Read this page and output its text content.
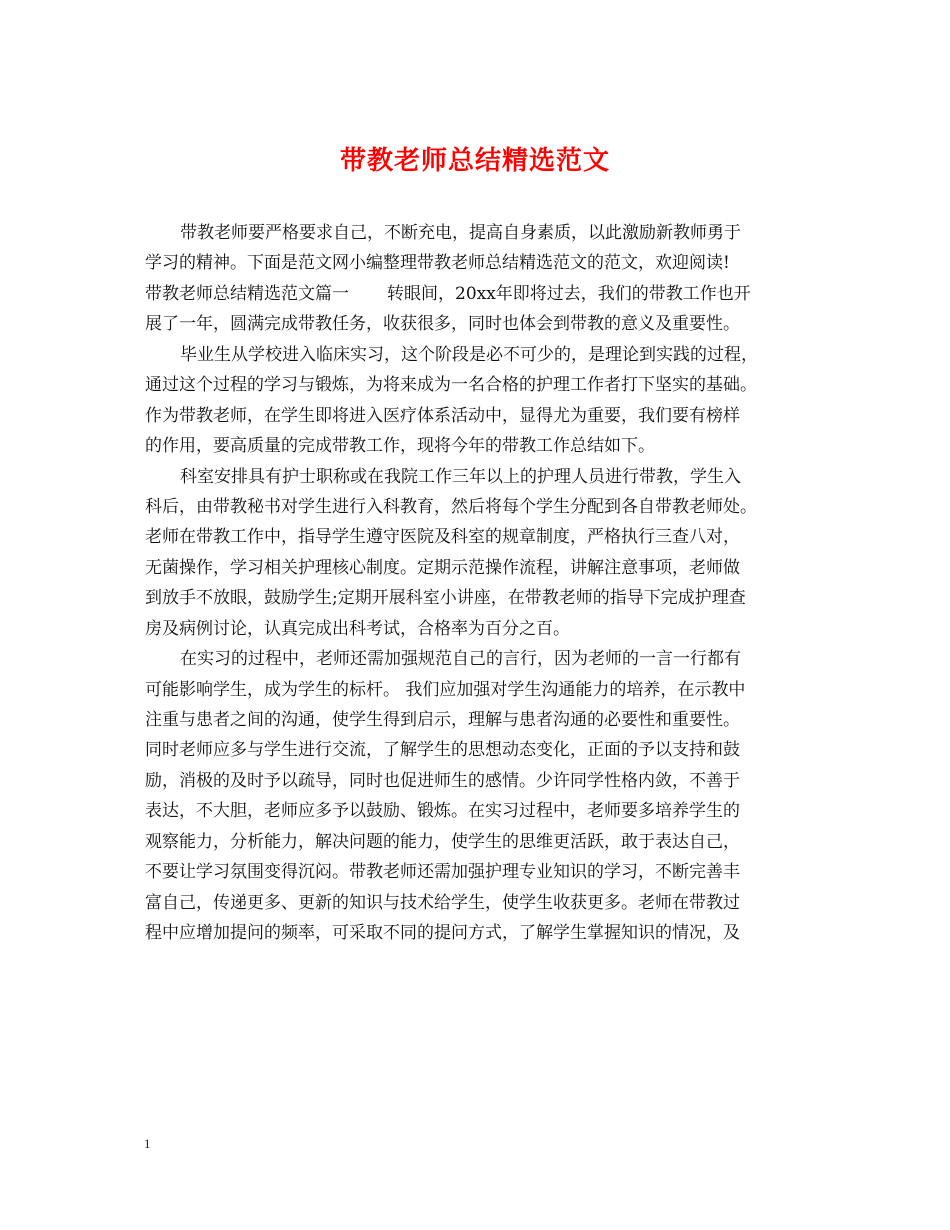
带教老师总结精选范文
带教老师要严格要求自己，不断充电，提高自身素质，以此激励新教师勇于
学习的精神。下面是范文网小编整理带教老师总结精选范文的范文，欢迎阅读!
带教老师总结精选范文篇一 转眼间，20xx年即将过去，我们的带教工作也开
展了一年，圆满完成带教任务，收获很多，同时也体会到带教的意义及重要性。
毕业生从学校进入临床实习，这个阶段是必不可少的，是理论到实践的过程，
通过这个过程的学习与锻炼，为将来成为一名合格的护理工作者打下坚实的基础。
作为带教老师，在学生即将进入医疗体系活动中，显得尤为重要，我们要有榜样
的作用，要高质量的完成带教工作，现将今年的带教工作总结如下。
科室安排具有护士职称或在我院工作三年以上的护理人员进行带教，学生入
科后，由带教秘书对学生进行入科教育，然后将每个学生分配到各自带教老师处。
老师在带教工作中，指导学生遵守医院及科室的规章制度，严格执行三查八对，
无菌操作，学习相关护理核心制度。定期示范操作流程，讲解注意事项，老师做
到放手不放眼，鼓励学生;定期开展科室小讲座，在带教老师的指导下完成护理查
房及病例讨论，认真完成出科考试，合格率为百分之百。
在实习的过程中，老师还需加强规范自己的言行，因为老师的一言一行都有
可能影响学生，成为学生的标杆。 我们应加强对学生沟通能力的培养，在示教中
注重与患者之间的沟通，使学生得到启示，理解与患者沟通的必要性和重要性。
同时老师应多与学生进行交流，了解学生的思想动态变化，正面的予以支持和鼓
励，消极的及时予以疏导，同时也促进师生的感情。少许同学性格内敛，不善于
表达，不大胆，老师应多予以鼓励、锻炼。在实习过程中，老师要多培养学生的
观察能力，分析能力，解决问题的能力，使学生的思维更活跃，敢于表达自己，
不要让学习氛围变得沉闷。带教老师还需加强护理专业知识的学习，不断完善丰
富自己，传递更多、更新的知识与技术给学生，使学生收获更多。老师在带教过
程中应增加提问的频率，可采取不同的提问方式，了解学生掌握知识的情况，及
1
